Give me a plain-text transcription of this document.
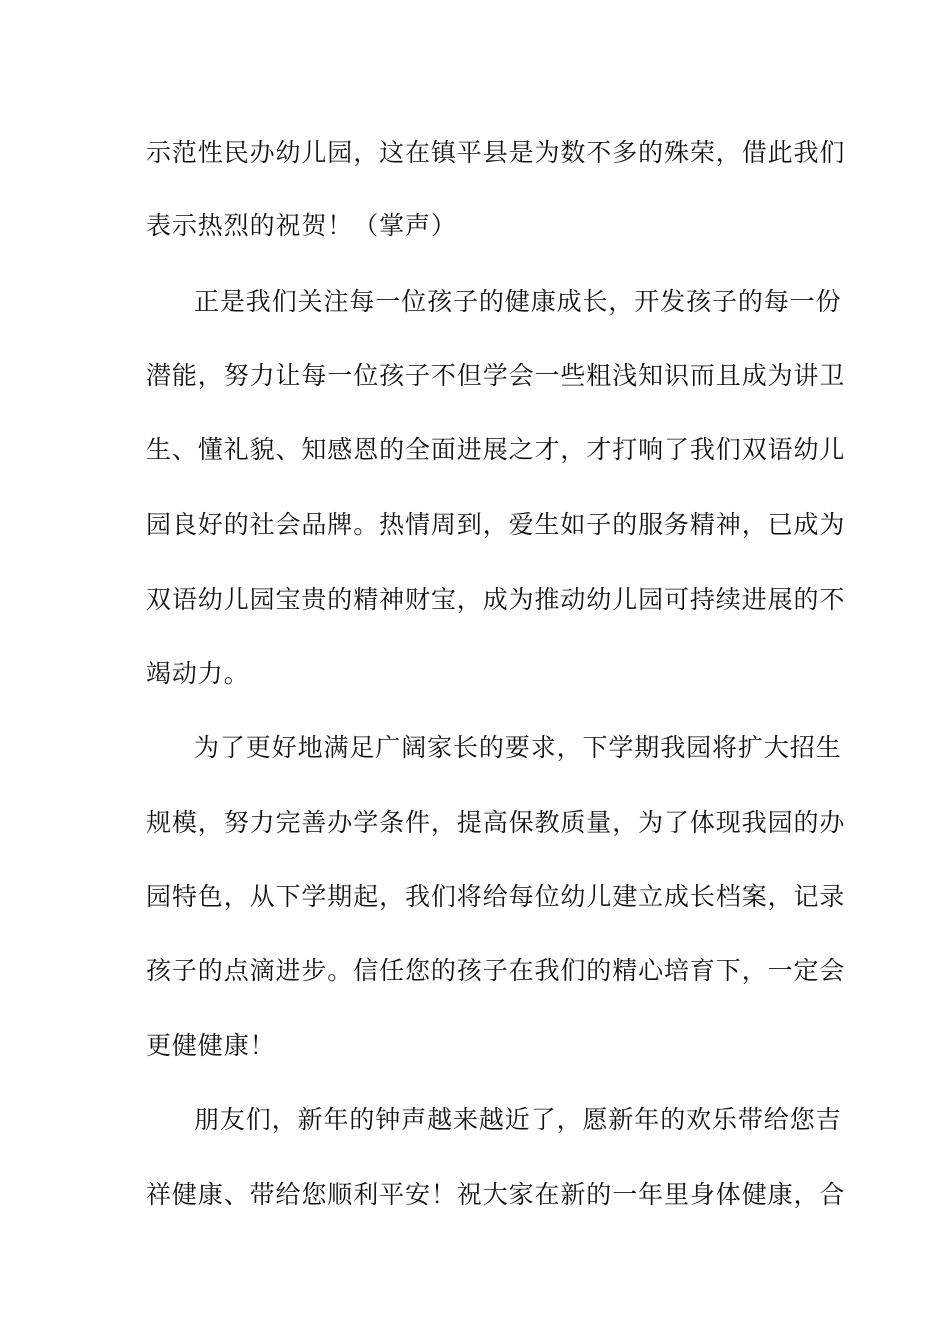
示范性民办幼儿园，这在镇平县是为数不多的殊荣，借此我们
表示热烈的祝贺！（掌声）
正是我们关注每一位孩子的健康成长，开发孩子的每一份
潜能，努力让每一位孩子不但学会一些粗浅知识而且成为讲卫
生、懂礼貌、知感恩的全面进展之才，才打响了我们双语幼儿
园良好的社会品牌。热情周到，爱生如子的服务精神，已成为
双语幼儿园宝贵的精神财宝，成为推动幼儿园可持续进展的不
竭动力。
为了更好地满足广阔家长的要求，下学期我园将扩大招生
规模，努力完善办学条件，提高保教质量，为了体现我园的办
园特色，从下学期起，我们将给每位幼儿建立成长档案，记录
孩子的点滴进步。信任您的孩子在我们的精心培育下，一定会
更健健康！
朋友们，新年的钟声越来越近了，愿新年的欢乐带给您吉
祥健康、带给您顺利平安！祝大家在新的一年里身体健康，合
